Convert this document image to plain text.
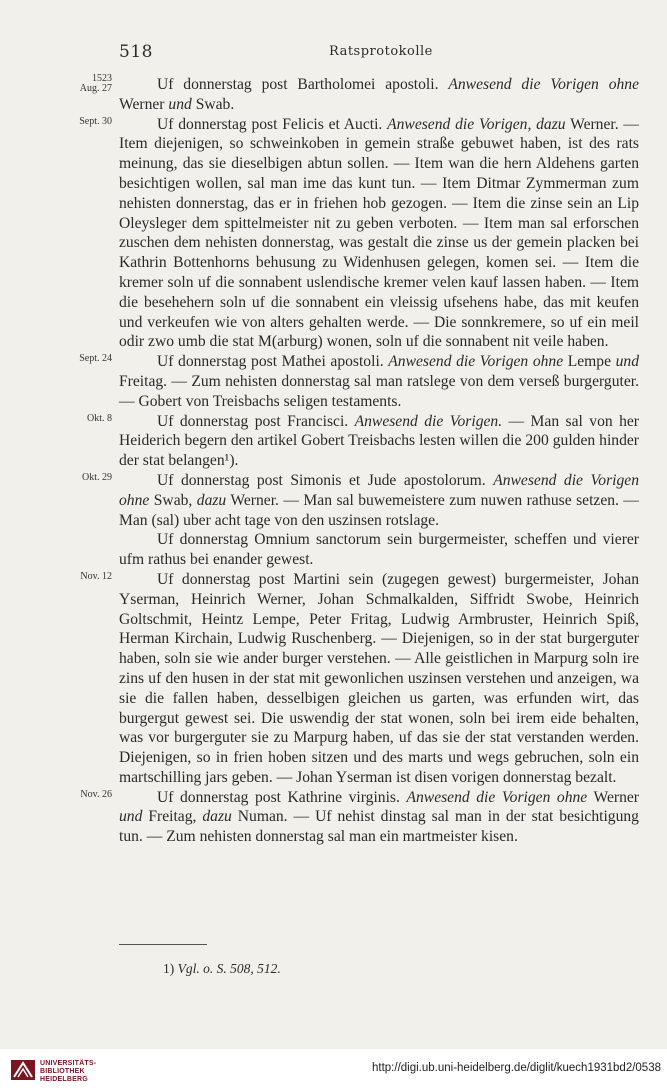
518	Ratsprotokolle

1523
Aug. 27	Uf donnerstag post Bartholomei apostoli. Anwesend die Vorigen ohne Werner und Swab.

Sept. 30	Uf donnerstag post Felicis et Aucti. Anwesend die Vorigen, dazu Werner. — Item diejenigen, so schweinkoben in gemein straße gebuwet haben, ist des rats meinung, das sie dieselbigen abtun sollen. — Item wan die hern Aldehens garten besichtigen wollen, sal man ime das kunt tun. — Item Ditmar Zymmerman zum nehisten donnerstag, das er in friehen hob gezogen. — Item die zinse sein an Lip Oleysleger dem spittelmeister nit zu geben verboten. — Item man sal erforschen zuschen dem nehisten donnerstag, was gestalt die zinse us der gemein placken bei Kathrin Bottenhorns behusung zu Widenhusen gelegen, komen sei. — Item die kremer soln uf die sonnabent uslendische kremer velen kauf lassen haben. — Item die besehehern soln uf die sonnabent ein vleissig ufsehens habe, das mit keufen und verkeufen wie von alters gehalten werde. — Die sonnkremere, so uf ein meil odir zwo umb die stat M(arburg) wonen, soln uf die sonnabent nit veile haben.

Sept. 24	Uf donnerstag post Mathei apostoli. Anwesend die Vorigen ohne Lempe und Freitag. — Zum nehisten donnerstag sal man ratslege von dem verseß burgerguter. — Gobert von Treisbachs seligen testaments.

Okt. 8	Uf donnerstag post Francisci. Anwesend die Vorigen. — Man sal von her Heiderich begern den artikel Gobert Treisbachs lesten willen die 200 gulden hinder der stat belangen¹).

Okt. 29	Uf donnerstag post Simonis et Jude apostolorum. Anwesend die Vorigen ohne Swab, dazu Werner. — Man sal buwemeistere zum nuwen rathuse setzen. — Man (sal) uber acht tage von den uszinsen rotslage.

Uf donnerstag Omnium sanctorum sein burgermeister, scheffen und vierer ufm rathus bei enander gewest.

Nov. 12	Uf donnerstag post Martini sein (zugegen gewest) burgermeister, Johan Yserman, Heinrich Werner, Johan Schmalkalden, Siffridt Swobe, Heinrich Goltschmit, Heintz Lempe, Peter Fritag, Ludwig Armbruster, Heinrich Spiß, Herman Kirchain, Ludwig Ruschenberg. — Diejenigen, so in der stat burgerguter haben, soln sie wie ander burger verstehen. — Alle geistlichen in Marpurg soln ire zins uf den husen in der stat mit gewonlichen uszinsen verstehen und anzeigen, wa sie die fallen haben, desselbigen gleichen us garten, was erfunden wirt, das burgergut gewest sei. Die uswendig der stat wonen, soln bei irem eide behalten, was vor burgerguter sie zu Marpurg haben, uf das sie der stat verstanden werden. Diejenigen, so in frien hoben sitzen und des marts und wegs gebruchen, soln ein martschilling jars geben. — Johan Yserman ist disen vorigen donnerstag bezalt.

Nov. 26	Uf donnerstag post Kathrine virginis. Anwesend die Vorigen ohne Werner und Freitag, dazu Numan. — Uf nehist dinstag sal man in der stat besichtigung tun. — Zum nehisten donnerstag sal man ein martmeister kisen.

1) Vgl. o. S. 508, 512.
UNIVERSITÄTS-
BIBLIOTHEK
HEIDELBERG
http://digi.ub.uni-heidelberg.de/diglit/kuech1931bd2/0538
